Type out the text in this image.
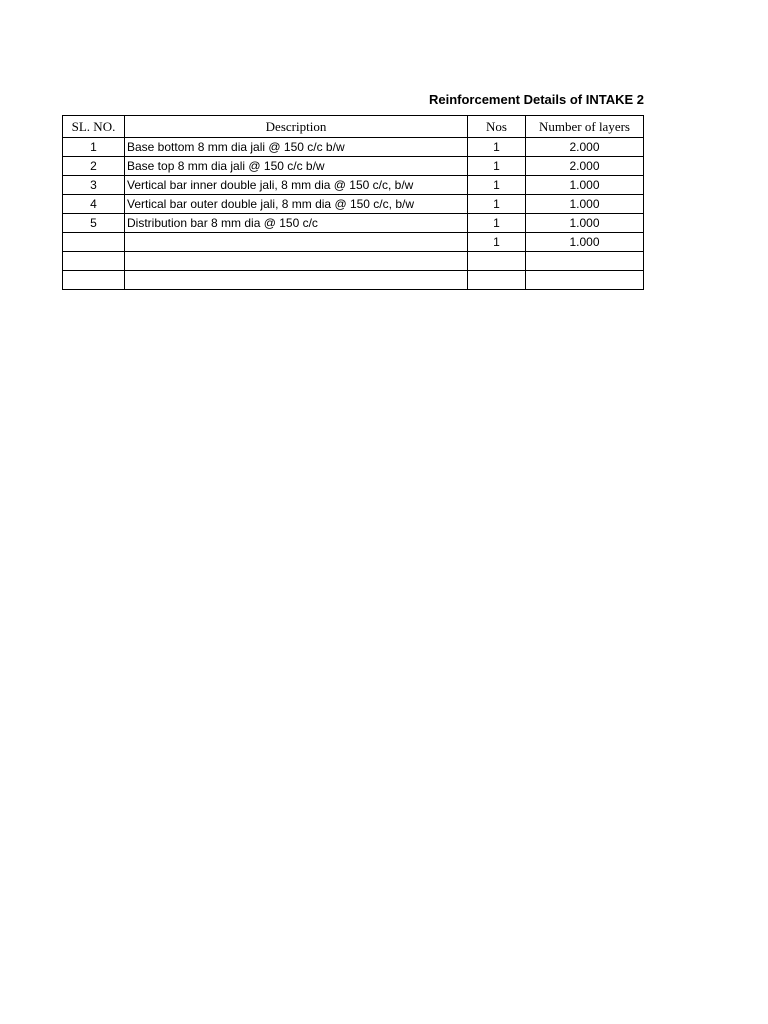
Reinforcement Details of INTAKE 2
SL. NO.	Description	Nos	Number of layers
1	Base bottom 8 mm dia jali @ 150 c/c b/w	1	2.000
2	Base top 8 mm dia jali @ 150 c/c b/w	1	2.000
3	Vertical bar inner double jali, 8 mm dia @ 150 c/c, b/w	1	1.000
4	Vertical bar outer double jali, 8 mm dia @ 150 c/c, b/w	1	1.000
5	Distribution bar 8 mm dia @ 150 c/c	1	1.000
		1	1.000
